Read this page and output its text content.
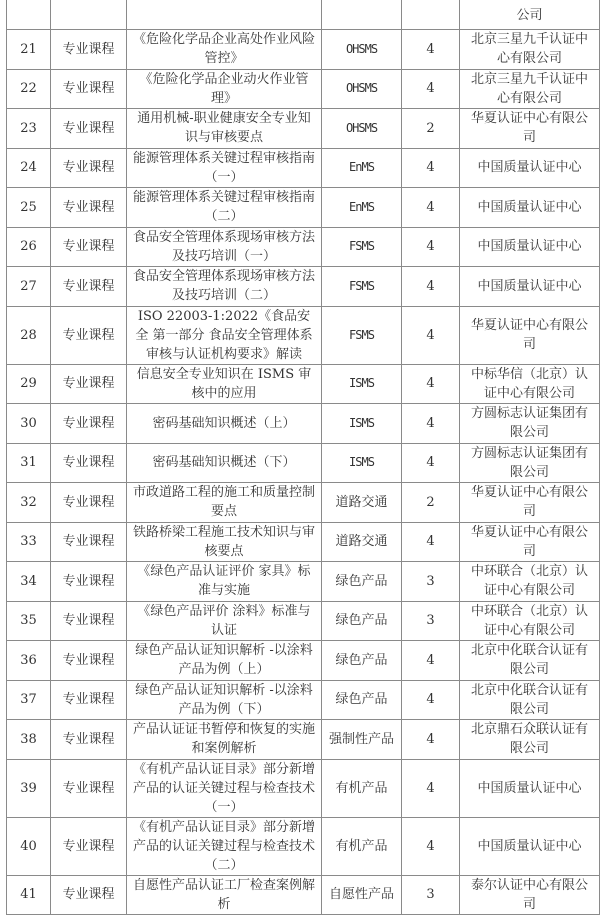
					公司
21	专业课程	《危险化学品企业高处作业风险管控》	OHSMS	4	北京三星九千认证中心有限公司
22	专业课程	《危险化学品企业动火作业管理》	OHSMS	4	北京三星九千认证中心有限公司
23	专业课程	通用机械-职业健康安全专业知识与审核要点	OHSMS	2	华夏认证中心有限公司
24	专业课程	能源管理体系关键过程审核指南（一）	EnMS	4	中国质量认证中心
25	专业课程	能源管理体系关键过程审核指南（二）	EnMS	4	中国质量认证中心
26	专业课程	食品安全管理体系现场审核方法及技巧培训（一）	FSMS	4	中国质量认证中心
27	专业课程	食品安全管理体系现场审核方法及技巧培训（二）	FSMS	4	中国质量认证中心
28	专业课程	ISO 22003-1:2022《食品安全 第一部分 食品安全管理体系 审核与认证机构要求》解读	FSMS	4	华夏认证中心有限公司
29	专业课程	信息安全专业知识在 ISMS 审核中的应用	ISMS	4	中标华信（北京）认证中心有限公司
30	专业课程	密码基础知识概述（上）	ISMS	4	方圆标志认证集团有限公司
31	专业课程	密码基础知识概述（下）	ISMS	4	方圆标志认证集团有限公司
32	专业课程	市政道路工程的施工和质量控制要点	道路交通	2	华夏认证中心有限公司
33	专业课程	铁路桥梁工程施工技术知识与审核要点	道路交通	4	华夏认证中心有限公司
34	专业课程	《绿色产品认证评价 家具》标准与实施	绿色产品	3	中环联合（北京）认证中心有限公司
35	专业课程	《绿色产品评价 涂料》标准与认证	绿色产品	3	中环联合（北京）认证中心有限公司
36	专业课程	绿色产品认证知识解析 -以涂料产品为例（上）	绿色产品	4	北京中化联合认证有限公司
37	专业课程	绿色产品认证知识解析 -以涂料产品为例（下）	绿色产品	4	北京中化联合认证有限公司
38	专业课程	产品认证证书暂停和恢复的实施和案例解析	强制性产品	4	北京鼎石众联认证有限公司
39	专业课程	《有机产品认证目录》部分新增产品的认证关键过程与检查技术（一）	有机产品	4	中国质量认证中心
40	专业课程	《有机产品认证目录》部分新增产品的认证关键过程与检查技术（二）	有机产品	4	中国质量认证中心
41	专业课程	自愿性产品认证工厂检查案例解析	自愿性产品	3	泰尔认证中心有限公司
